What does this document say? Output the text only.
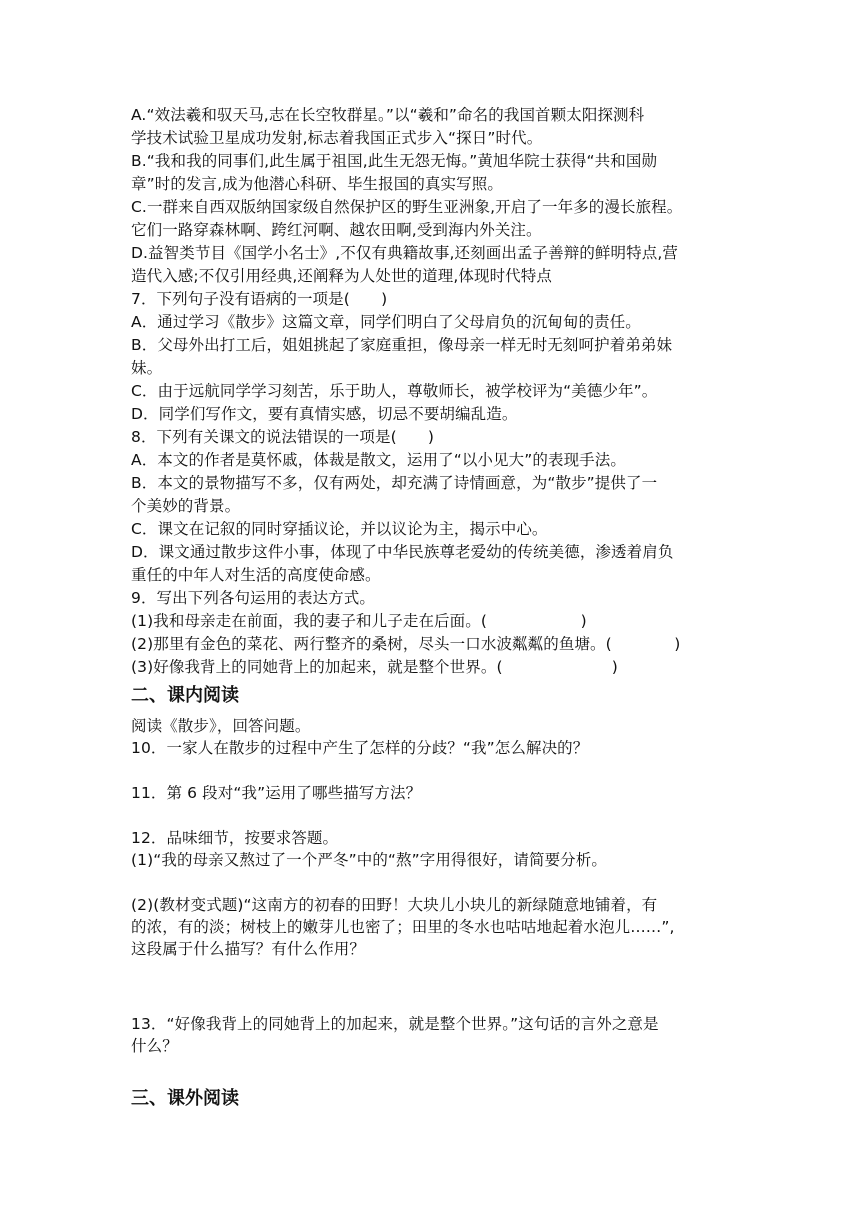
A.“效法羲和驭天马,志在长空牧群星。”以“羲和”命名的我国首颗太阳探测科
学技术试验卫星成功发射,标志着我国正式步入“探日”时代。
B.“我和我的同事们,此生属于祖国,此生无怨无悔。”黄旭华院士获得“共和国勋
章”时的发言,成为他潜心科研、毕生报国的真实写照。
C.一群来自西双版纳国家级自然保护区的野生亚洲象,开启了一年多的漫长旅程。
它们一路穿森林啊、跨红河啊、越农田啊,受到海内外关注。
D.益智类节目《国学小名士》,不仅有典籍故事,还刻画出孟子善辩的鲜明特点,营
造代入感;不仅引用经典,还阐释为人处世的道理,体现时代特点
7．下列句子没有语病的一项是(　　)
A．通过学习《散步》这篇文章，同学们明白了父母肩负的沉甸甸的责任。
B．父母外出打工后，姐姐挑起了家庭重担，像母亲一样无时无刻呵护着弟弟妹
妹。
C．由于远航同学学习刻苦，乐于助人，尊敬师长，被学校评为“美德少年”。
D．同学们写作文，要有真情实感，切忌不要胡编乱造。
8．下列有关课文的说法错误的一项是(　　)
A．本文的作者是莫怀戚，体裁是散文，运用了“以小见大”的表现手法。
B．本文的景物描写不多，仅有两处，却充满了诗情画意，为“散步”提供了一
个美妙的背景。
C．课文在记叙的同时穿插议论，并以议论为主，揭示中心。
D．课文通过散步这件小事，体现了中华民族尊老爱幼的传统美德，渗透着肩负
重任的中年人对生活的高度使命感。
9．写出下列各句运用的表达方式。
(1)我和母亲走在前面，我的妻子和儿子走在后面。(　　　　　　)
(2)那里有金色的菜花、两行整齐的桑树，尽头一口水波粼粼的鱼塘。(　　　　)
(3)好像我背上的同她背上的加起来，就是整个世界。(　　　　　　　)
二、课内阅读
阅读《散步》，回答问题。
10．一家人在散步的过程中产生了怎样的分歧？“我”怎么解决的？
11．第 6 段对“我”运用了哪些描写方法？
12．品味细节，按要求答题。
(1)“我的母亲又熬过了一个严冬”中的“熬”字用得很好，请简要分析。
(2)(教材变式题)“这南方的初春的田野！大块儿小块儿的新绿随意地铺着，有
的浓，有的淡；树枝上的嫩芽儿也密了；田里的冬水也咕咕地起着水泡儿……”,
这段属于什么描写？有什么作用？
13．“好像我背上的同她背上的加起来，就是整个世界。”这句话的言外之意是
什么？
三、课外阅读
